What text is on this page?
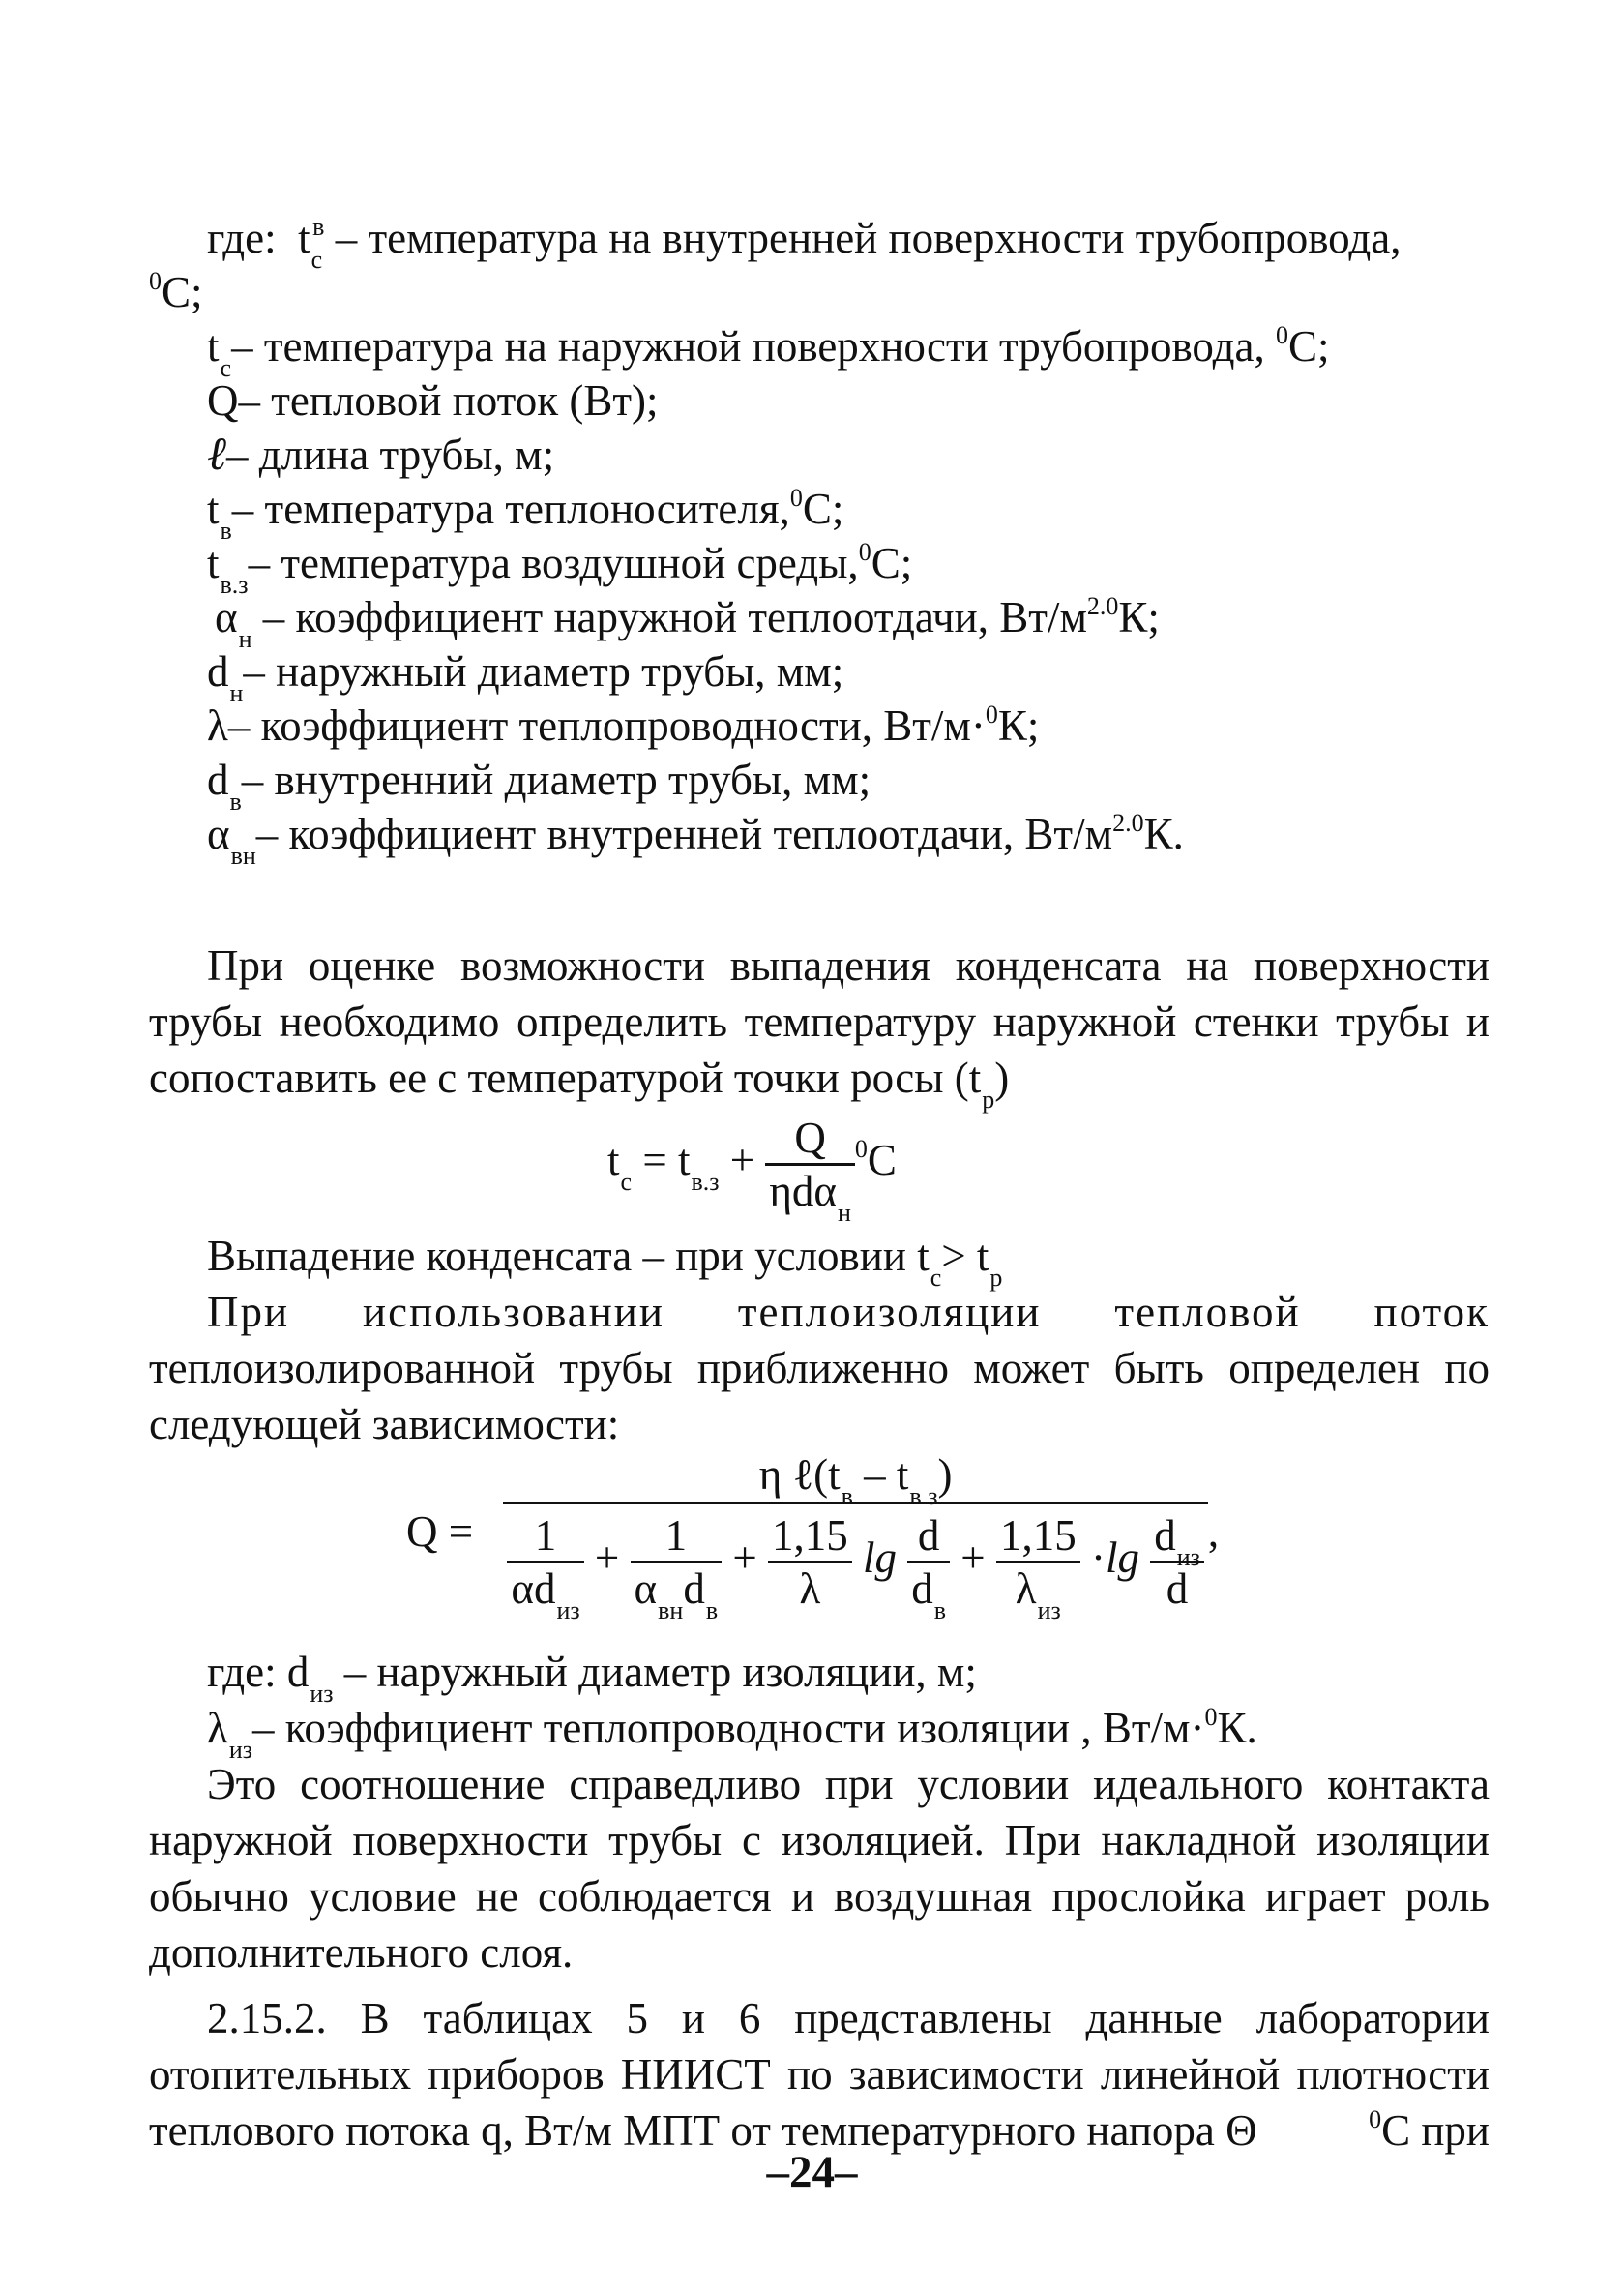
где: $t_с^в$ – температура на внутренней поверхности трубопровода,
$^0$С;
$t_с-$ температура на наружной поверхности трубопровода, $^0$С;
Q– тепловой поток (Вт);
ℓ– длина трубы, м;
$t_в-$ температура теплоносителя,$^0$С;
$t_{в.з}-$ температура воздушной среды,$^0$С;
$\alpha_н$ – коэффициент наружной теплоотдачи, $Вт/м^{2.0}К$;
$d_н-$ наружный диаметр трубы, мм;
λ– коэффициент теплопроводности, Вт/м·$^0$К;
$d_в-$ внутренний диаметр трубы, мм;
$\alpha_{вн}-$ коэффициент внутренней теплоотдачи, $Вт/м^{2.0}К$.
При оценке возможности выпадения конденсата на поверхности
трубы необходимо определить температуру наружной стенки трубы и
сопоставить ее с температурой точки росы $(t_р)$
$t_с = t_{в.з} + \frac{Q}{\eta d\alpha_н} ^0С$
Выпадение конденсата – при условии $t_с> t_р$
При использовании теплоизоляции тепловой поток
теплоизолированной трубы приближенно может быть определен по
следующей зависимости:
Q =
η $\ell(t_в - t_{в з})$
$\frac{1}{\alpha d_{из}} + \frac{1}{\alpha_{вн}d_в} + \frac{1,15}{\lambda}$ $\lg \frac{d}{d_в} + \frac{1,15}{\lambda_{из}} \cdot\lg \frac{d_{из}}{d}$ ,
где: $d_{из}$ – наружный диаметр изоляции, м;
$\lambda_{из}-$ коэффициент теплопроводности изоляции , Вт/м·$^0$К.
Это соотношение справедливо при условии идеального контакта
наружной поверхности трубы с изоляцией. При накладной изоляции
обычно условие не соблюдается и воздушная прослойка играет роль
дополнительного слоя.
2.15.2. В таблицах 5 и 6 представлены данные лаборатории
отопительных приборов НИИСТ по зависимости линейной плотности
теплового потока q, Вт/м МПТ от температурного напора Θ	$^0$С при
–24–
